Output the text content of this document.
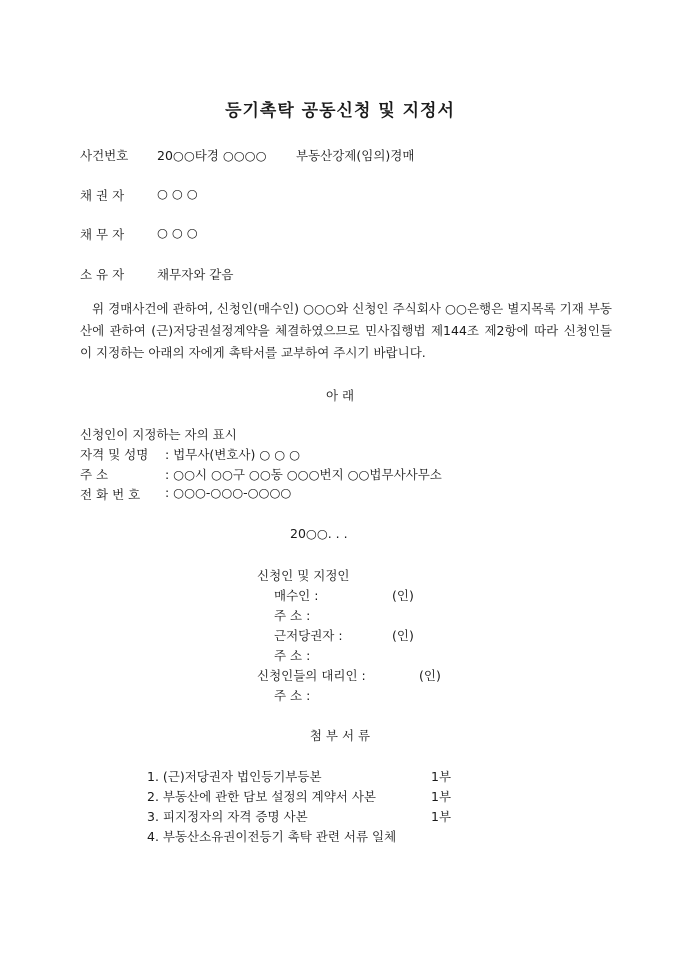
등기촉탁 공동신청 및 지정서
사건번호 20○○타경 ○○○○ 부동산강제(임의)경매
채 권 자	○ ○ ○
채 무 자	○ ○ ○
소 유 자	채무자와 같음
위 경매사건에 관하여, 신청인(매수인) ○○○와 신청인 주식회사 ○○은행은 별지목록 기재 부동산에 관하여 (근)저당권설정계약을 체결하였으므로 민사집행법 제144조 제2항에 따라 신청인들이 지정하는 아래의 자에게 촉탁서를 교부하여 주시기 바랍니다.
아 래
신청인이 지정하는 자의 표시
자격 및 성명 : 법무사(변호사) ○ ○ ○
주 소	: ○○시 ○○구 ○○동 ○○○번지 ○○법무사사무소
전 화 번 호 : ○○○-○○○-○○○○
20○○. . .
신청인 및 지정인
매수인 :	(인)
주 소 :
근저당권자 :	(인)
주 소 :
신청인들의 대리인 :	(인)
주 소 :
첨 부 서 류
1. (근)저당권자 법인등기부등본	1부
2. 부동산에 관한 담보 설정의 계약서 사본	1부
3. 피지정자의 자격 증명 사본	1부
4. 부동산소유권이전등기 촉탁 관련 서류 일체
